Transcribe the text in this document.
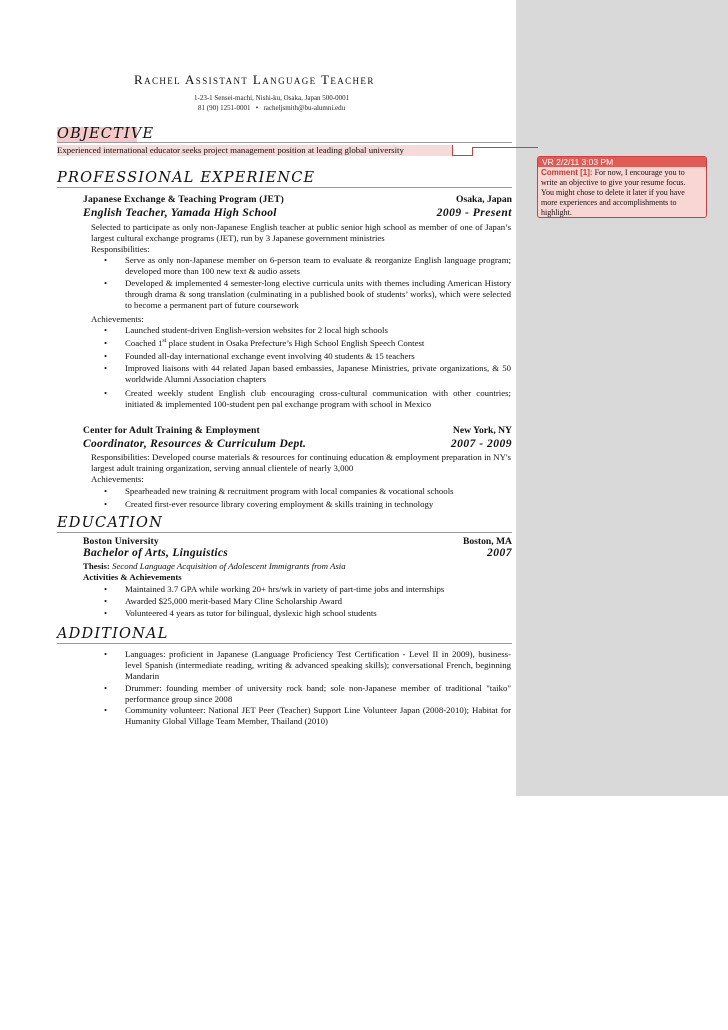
VR 2/2/11 3:03 PM
Comment [1]: For now, I encourage you to
write an objective to give your resume focus.
You might chose to delete it later if you have
more experiences and accomplishments to
highlight.
Rachel Assistant Language Teacher
1-23-1 Sensei-machi, Nishi-ku, Osaka, Japan 500-0001
81 (90) 1251-0001 • racheljsmith@bu-alumni.edu
OBJECTIVE
Experienced international educator seeks project management position at leading global university
PROFESSIONAL EXPERIENCE
Japanese Exchange & Teaching Program (JET)	Osaka, Japan
English Teacher, Yamada High School	2009 - Present
Selected to participate as only non-Japanese English teacher at public senior high school as member of one of Japan’s largest cultural exchange programs (JET), run by 3 Japanese government ministries
Responsibilities:
• Serve as only non-Japanese member on 6-person team to evaluate & reorganize English language program; developed more than 100 new text & audio assets
• Developed & implemented 4 semester-long elective curricula units with themes including American History through drama & song translation (culminating in a published book of students’ works), which were selected to become a permanent part of future coursework
Achievements:
• Launched student-driven English-version websites for 2 local high schools
• Coached 1st place student in Osaka Prefecture’s High School English Speech Contest
• Founded all-day international exchange event involving 40 students & 15 teachers
• Improved liaisons with 44 related Japan based embassies, Japanese Ministries, private organizations, & 50 worldwide Alumni Association chapters
• Created weekly student English club encouraging cross-cultural communication with other countries; initiated & implemented 100-student pen pal exchange program with school in Mexico
Center for Adult Training & Employment	New York, NY
Coordinator, Resources & Curriculum Dept.	2007 - 2009
Responsibilities: Developed course materials & resources for continuing education & employment preparation in NY's largest adult training organization, serving annual clientele of nearly 3,000
Achievements:
• Spearheaded new training & recruitment program with local companies & vocational schools
• Created first-ever resource library covering employment & skills training in technology
EDUCATION
Boston University	Boston, MA
Bachelor of Arts, Linguistics	2007
Thesis: Second Language Acquisition of Adolescent Immigrants from Asia
Activities & Achievements
• Maintained 3.7 GPA while working 20+ hrs/wk in variety of part-time jobs and internships
• Awarded $25,000 merit-based Mary Cline Scholarship Award
• Volunteered 4 years as tutor for bilingual, dyslexic high school students
ADDITIONAL
• Languages: proficient in Japanese (Language Proficiency Test Certification - Level II in 2009), business-level Spanish (intermediate reading, writing & advanced speaking skills); conversational French, beginning Mandarin
• Drummer: founding member of university rock band; sole non-Japanese member of traditional "taiko" performance group since 2008
• Community volunteer: National JET Peer (Teacher) Support Line Volunteer Japan (2008-2010); Habitat for Humanity Global Village Team Member, Thailand (2010)
